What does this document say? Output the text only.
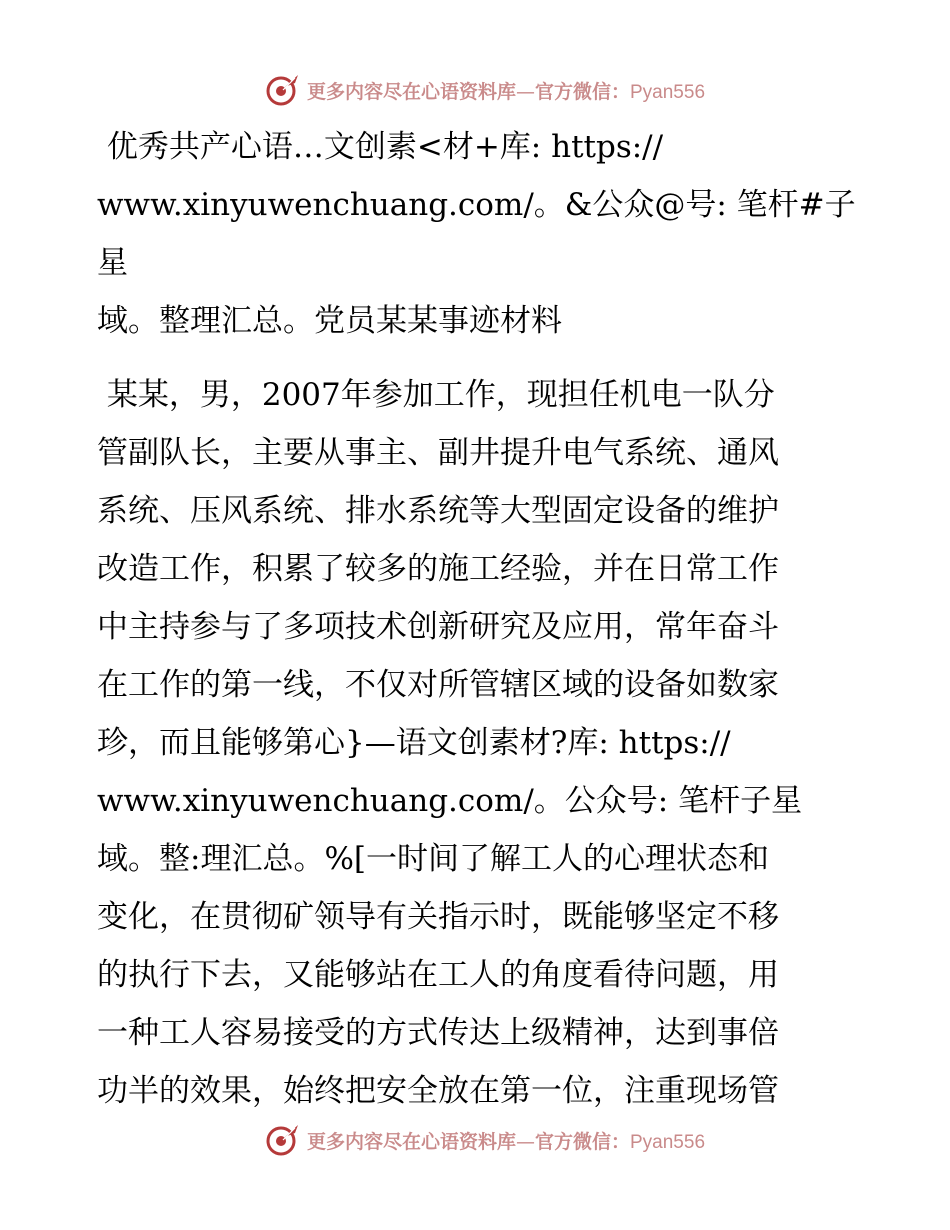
更多内容尽在心语资料库—官方微信：Pyan556

优秀共产心语…文创素<材+库: https://
www.xinyuwenchuang.com/。&公众@号: 笔杆#子星
域。整理汇总。党员某某事迹材料

某某，男，2007年参加工作，现担任机电一队分
管副队长，主要从事主、副井提升电气系统、通风
系统、压风系统、排水系统等大型固定设备的维护
改造工作，积累了较多的施工经验，并在日常工作
中主持参与了多项技术创新研究及应用，常年奋斗
在工作的第一线，不仅对所管辖区域的设备如数家
珍，而且能够第心}—语文创素材?库: https://
www.xinyuwenchuang.com/。公众号: 笔杆子星
域。整:理汇总。%[一时间了解工人的心理状态和
变化，在贯彻矿领导有关指示时，既能够坚定不移
的执行下去，又能够站在工人的角度看待问题，用
一种工人容易接受的方式传达上级精神，达到事倍
功半的效果，始终把安全放在第一位，注重现场管

更多内容尽在心语资料库—官方微信：Pyan556
